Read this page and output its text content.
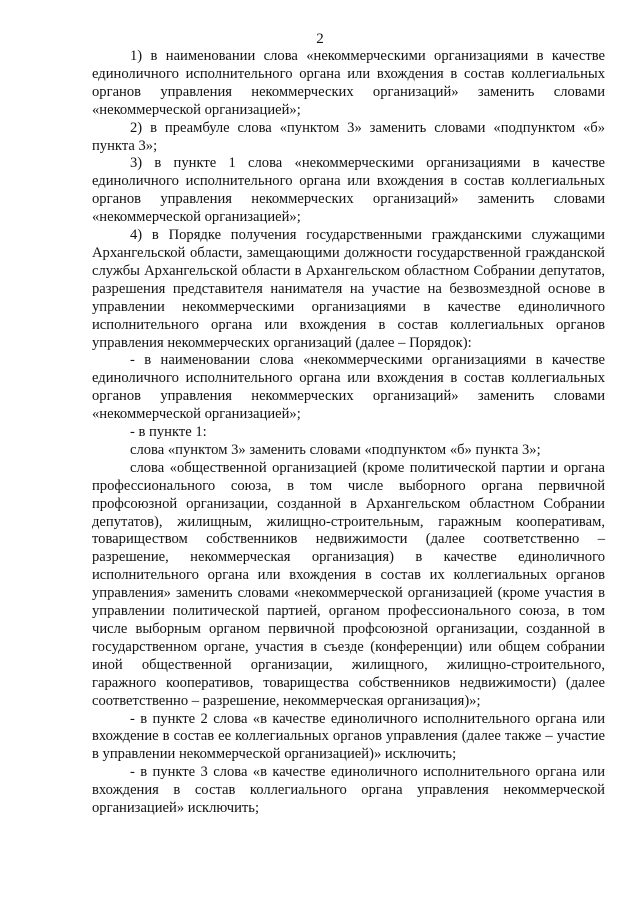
2

1) в наименовании слова «некоммерческими организациями в качестве единоличного исполнительного органа или вхождения в состав коллегиальных органов управления некоммерческих организаций» заменить словами «некоммерческой организацией»;

2) в преамбуле слова «пунктом 3» заменить словами «подпунктом «б» пункта 3»;

3) в пункте 1 слова «некоммерческими организациями в качестве единоличного исполнительного органа или вхождения в состав коллегиальных органов управления некоммерческих организаций» заменить словами «некоммерческой организацией»;

4) в Порядке получения государственными гражданскими служащими Архангельской области, замещающими должности государственной гражданской службы Архангельской области в Архангельском областном Собрании депутатов, разрешения представителя нанимателя на участие на безвозмездной основе в управлении некоммерческими организациями в качестве единоличного исполнительного органа или вхождения в состав коллегиальных органов управления некоммерческих организаций (далее – Порядок):

- в наименовании слова «некоммерческими организациями в качестве единоличного исполнительного органа или вхождения в состав коллегиальных органов управления некоммерческих организаций» заменить словами «некоммерческой организацией»;

- в пункте 1:

слова «пунктом 3» заменить словами «подпунктом «б» пункта 3»;

слова «общественной организацией (кроме политической партии и органа профессионального союза, в том числе выборного органа первичной профсоюзной организации, созданной в Архангельском областном Собрании депутатов), жилищным, жилищно-строительным, гаражным кооперативам, товариществом собственников недвижимости (далее соответственно – разрешение, некоммерческая организация) в качестве единоличного исполнительного органа или вхождения в состав их коллегиальных органов управления» заменить словами «некоммерческой организацией (кроме участия в управлении политической партией, органом профессионального союза, в том числе выборным органом первичной профсоюзной организации, созданной в государственном органе, участия в съезде (конференции) или общем собрании иной общественной организации, жилищного, жилищно-строительного, гаражного кооперативов, товарищества собственников недвижимости) (далее соответственно – разрешение, некоммерческая организация)»;

- в пункте 2 слова «в качестве единоличного исполнительного органа или вхождение в состав ее коллегиальных органов управления (далее также – участие в управлении некоммерческой организацией)» исключить;

- в пункте 3 слова «в качестве единоличного исполнительного органа или вхождения в состав коллегиального органа управления некоммерческой организацией» исключить;
